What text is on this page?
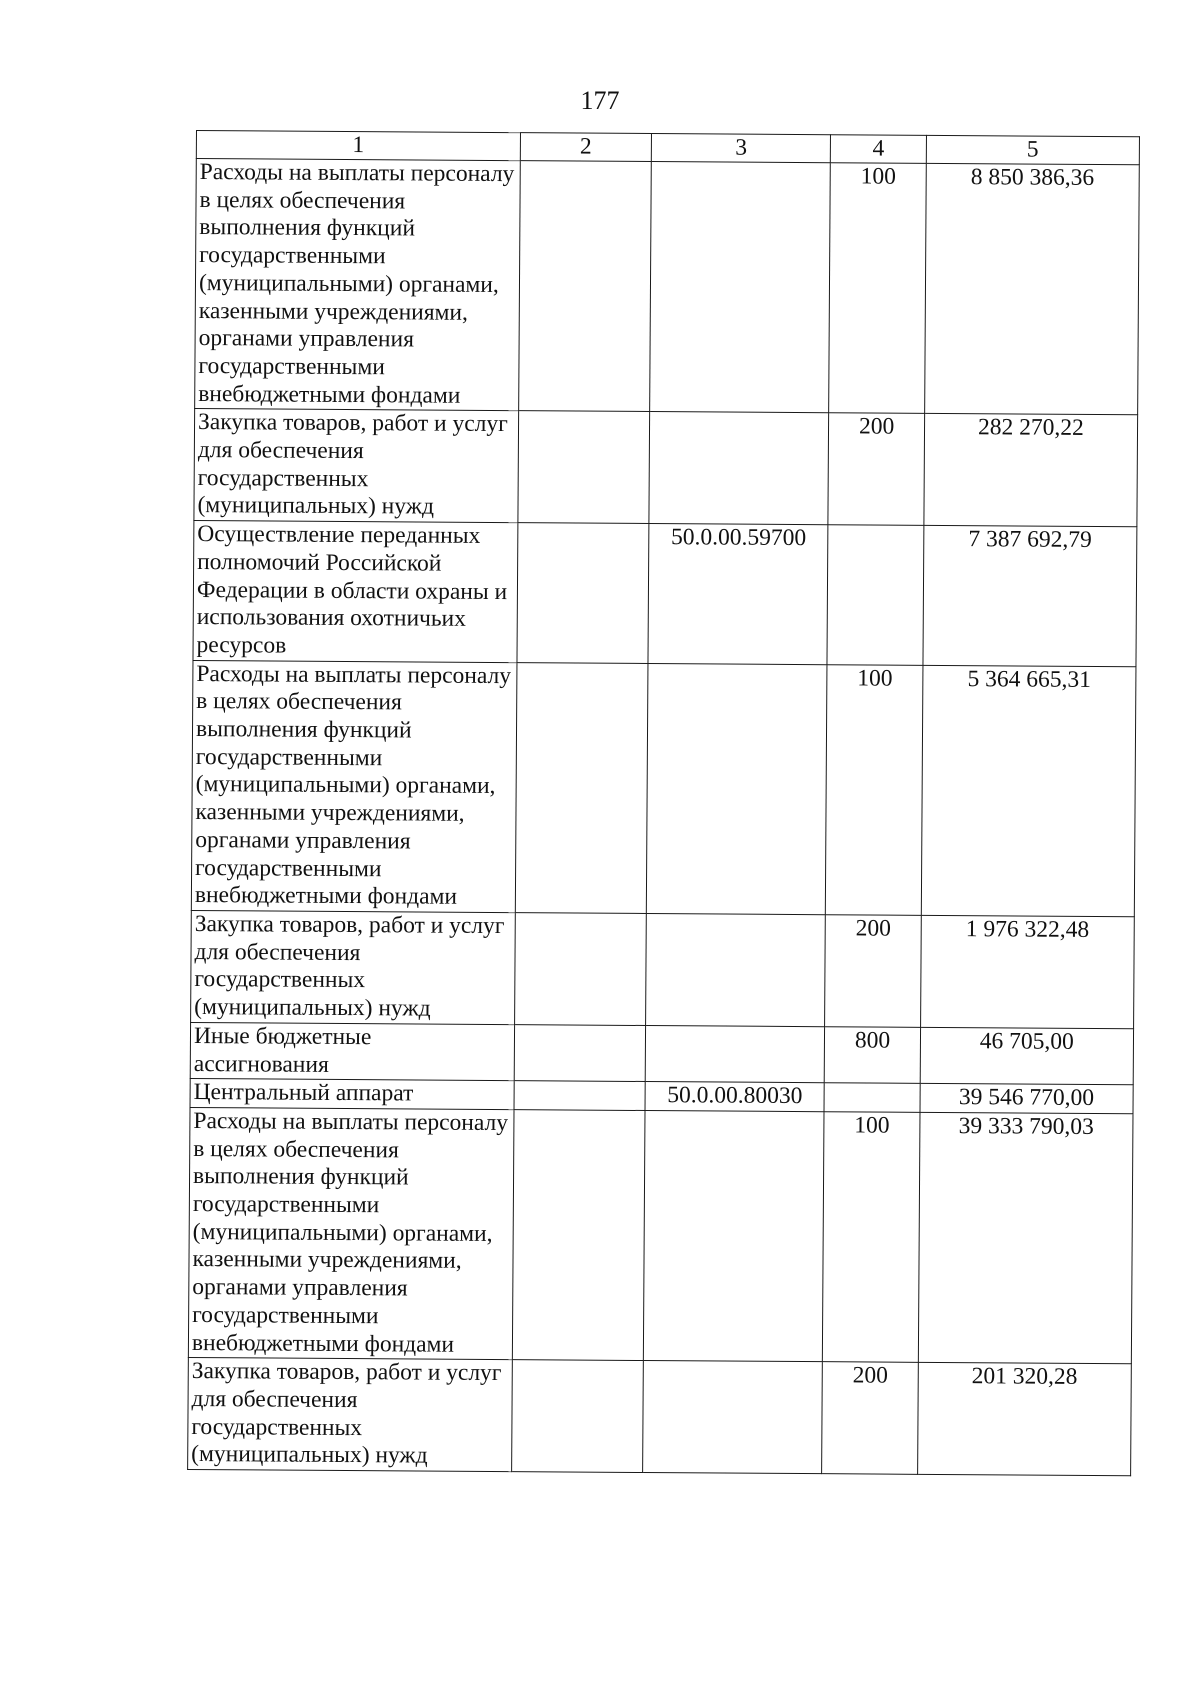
177
1	2	3	4	5
Расходы на выплаты персоналу в целях обеспечения выполнения функций государственными (муниципальными) органами, казенными учреждениями, органами управления государственными внебюджетными фондами			100	8 850 386,36
Закупка товаров, работ и услуг для обеспечения государственных (муниципальных) нужд			200	282 270,22
Осуществление переданных полномочий Российской Федерации в области охраны и использования охотничьих ресурсов		50.0.00.59700		7 387 692,79
Расходы на выплаты персоналу в целях обеспечения выполнения функций государственными (муниципальными) органами, казенными учреждениями, органами управления государственными внебюджетными фондами			100	5 364 665,31
Закупка товаров, работ и услуг для обеспечения государственных (муниципальных) нужд			200	1 976 322,48
Иные бюджетные ассигнования			800	46 705,00
Центральный аппарат		50.0.00.80030		39 546 770,00
Расходы на выплаты персоналу в целях обеспечения выполнения функций государственными (муниципальными) органами, казенными учреждениями, органами управления государственными внебюджетными фондами			100	39 333 790,03
Закупка товаров, работ и услуг для обеспечения государственных (муниципальных) нужд			200	201 320,28
